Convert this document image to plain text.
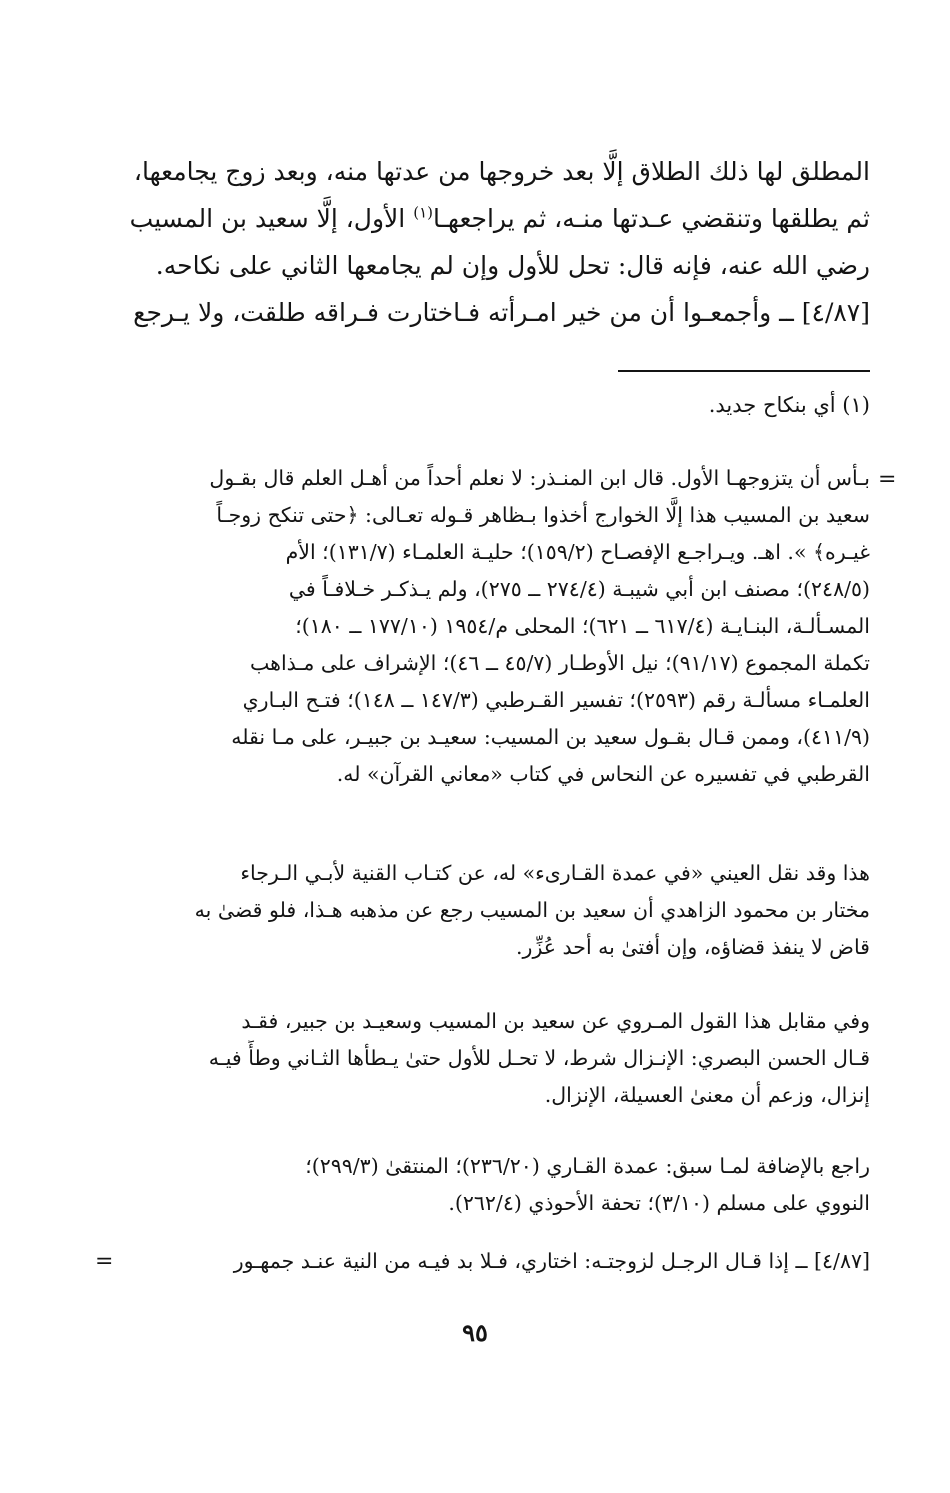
المطلق لها ذلك الطلاق إلَّا بعد خروجها من عدتها منه، وبعد زوج يجامعها،
ثم يطلقها وتنقضي عـدتها منـه، ثم يراجعهـا$^{(١)}$ الأول، إلَّا سعيد بن المسيب
رضي الله عنه، فإنه قال: تحل للأول وإن لم يجامعها الثاني على نكاحه.
[٤/٨٧] ــ وأجمعـوا أن من خير امـرأته فـاختارت فـراقه طلقت، ولا يـرجع
(١) أي بنكاح جديد.
=
بـأس أن يتزوجهـا الأول. قال ابن المنـذر: لا نعلم أحداً من أهـل العلم قال بقـول
سعيد بن المسيب هذا إلَّا الخوارج أخذوا بـظاهر قـوله تعـالى: ﴿حتى تنكح زوجـاً
غيـره﴾ ». اهـ. ويـراجـع الإفصـاح (١٥٩/٢)؛ حليـة العلمـاء (١٣١/٧)؛ الأم
(٢٤٨/٥)؛ مصنف ابن أبي شيبـة (٢٧٤/٤ ــ ٢٧٥)، ولم يـذكـر خـلافـاً في
المسـألـة، البنـايـة (٦١٧/٤ ــ ٦٢١)؛ المحلى م/١٩٥٤ (١٧٧/١٠ ــ ١٨٠)؛
تكملة المجموع (٩١/١٧)؛ نيل الأوطـار (٤٥/٧ ــ ٤٦)؛ الإشراف على مـذاهب
العلمـاء مسألـة رقم (٢٥٩٣)؛ تفسير القـرطبي (١٤٧/٣ ــ ١٤٨)؛ فتـح البـاري
(٤١١/٩)، وممن قـال بقـول سعيد بن المسيب: سعيـد بن جبيـر، على مـا نقله
القرطبي في تفسيره عن النحاس في كتاب «معاني القرآن» له.
هذا وقد نقل العيني «في عمدة القـارىء» له، عن كتـاب القنية لأبـي الـرجاء
مختار بن محمود الزاهدي أن سعيد بن المسيب رجع عن مذهبه هـذا، فلو قضىٰ به
قاض لا ينفذ قضاؤه، وإن أفتىٰ به أحد عُزِّر.
وفي مقابل هذا القول المـروي عن سعيد بن المسيب وسعيـد بن جبير، فقـد
قـال الحسن البصري: الإنـزال شرط، لا تحـل للأول حتىٰ يـطأها الثـاني وطأً فيـه
إنزال، وزعم أن معنىٰ العسيلة، الإنزال.
راجع بالإضافة لمـا سبق: عمدة القـاري (٢٣٦/٢٠)؛ المنتقىٰ (٢٩٩/٣)؛
النووي على مسلم (٣/١٠)؛ تحفة الأحوذي (٢٦٢/٤).
[٤/٨٧] ــ إذا قـال الرجـل لزوجتـه: اختاري، فـلا بد فيـه من النية عنـد جمهـور
=
٩٥
